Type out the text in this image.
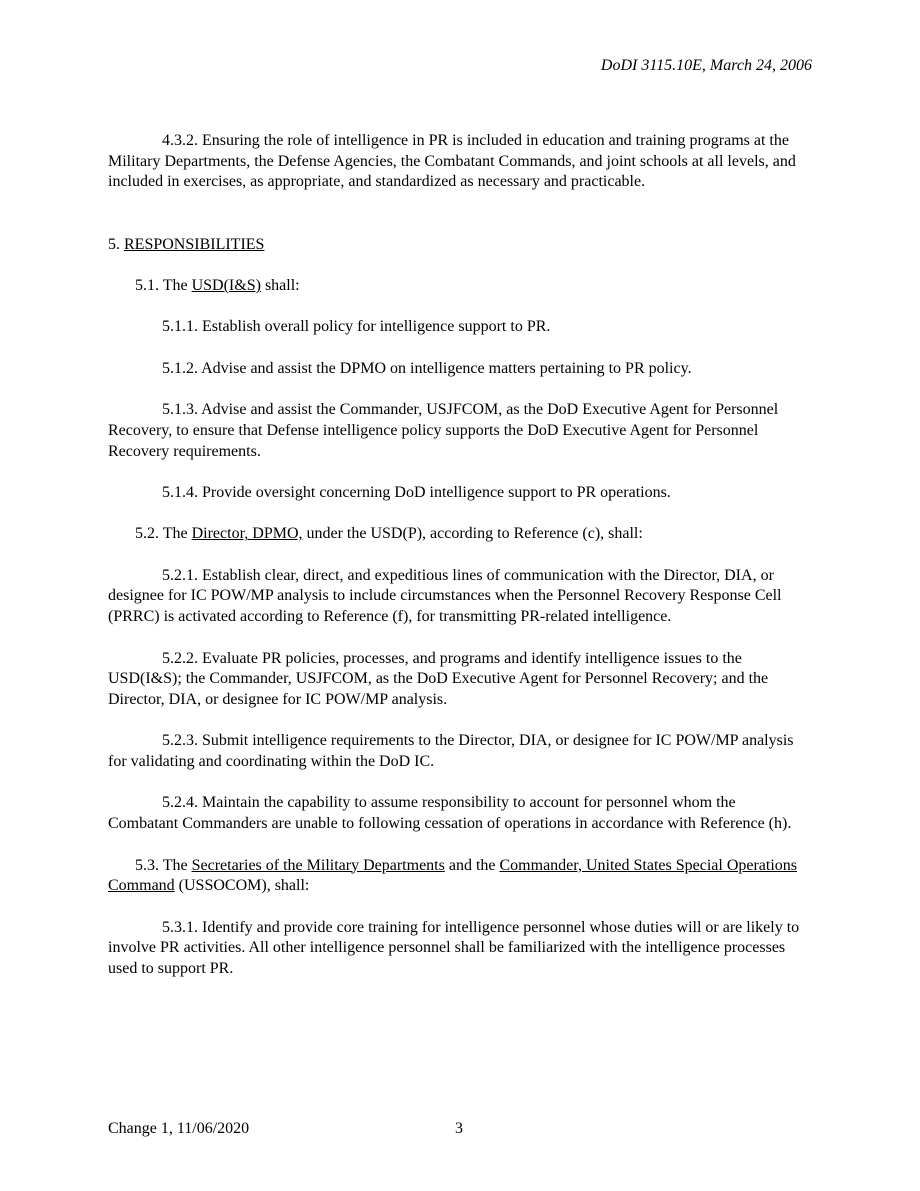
DoDI 3115.10E, March 24, 2006

4.3.2. Ensuring the role of intelligence in PR is included in education and training programs at the Military Departments, the Defense Agencies, the Combatant Commands, and joint schools at all levels, and included in exercises, as appropriate, and standardized as necessary and practicable.

5. RESPONSIBILITIES

5.1. The USD(I&S) shall:

5.1.1. Establish overall policy for intelligence support to PR.

5.1.2. Advise and assist the DPMO on intelligence matters pertaining to PR policy.

5.1.3. Advise and assist the Commander, USJFCOM, as the DoD Executive Agent for Personnel Recovery, to ensure that Defense intelligence policy supports the DoD Executive Agent for Personnel Recovery requirements.

5.1.4. Provide oversight concerning DoD intelligence support to PR operations.

5.2. The Director, DPMO, under the USD(P), according to Reference (c), shall:

5.2.1. Establish clear, direct, and expeditious lines of communication with the Director, DIA, or designee for IC POW/MP analysis to include circumstances when the Personnel Recovery Response Cell (PRRC) is activated according to Reference (f), for transmitting PR-related intelligence.

5.2.2. Evaluate PR policies, processes, and programs and identify intelligence issues to the USD(I&S); the Commander, USJFCOM, as the DoD Executive Agent for Personnel Recovery; and the Director, DIA, or designee for IC POW/MP analysis.

5.2.3. Submit intelligence requirements to the Director, DIA, or designee for IC POW/MP analysis for validating and coordinating within the DoD IC.

5.2.4. Maintain the capability to assume responsibility to account for personnel whom the Combatant Commanders are unable to following cessation of operations in accordance with Reference (h).

5.3. The Secretaries of the Military Departments and the Commander, United States Special Operations Command (USSOCOM), shall:

5.3.1. Identify and provide core training for intelligence personnel whose duties will or are likely to involve PR activities. All other intelligence personnel shall be familiarized with the intelligence processes used to support PR.

Change 1, 11/06/2020	3
